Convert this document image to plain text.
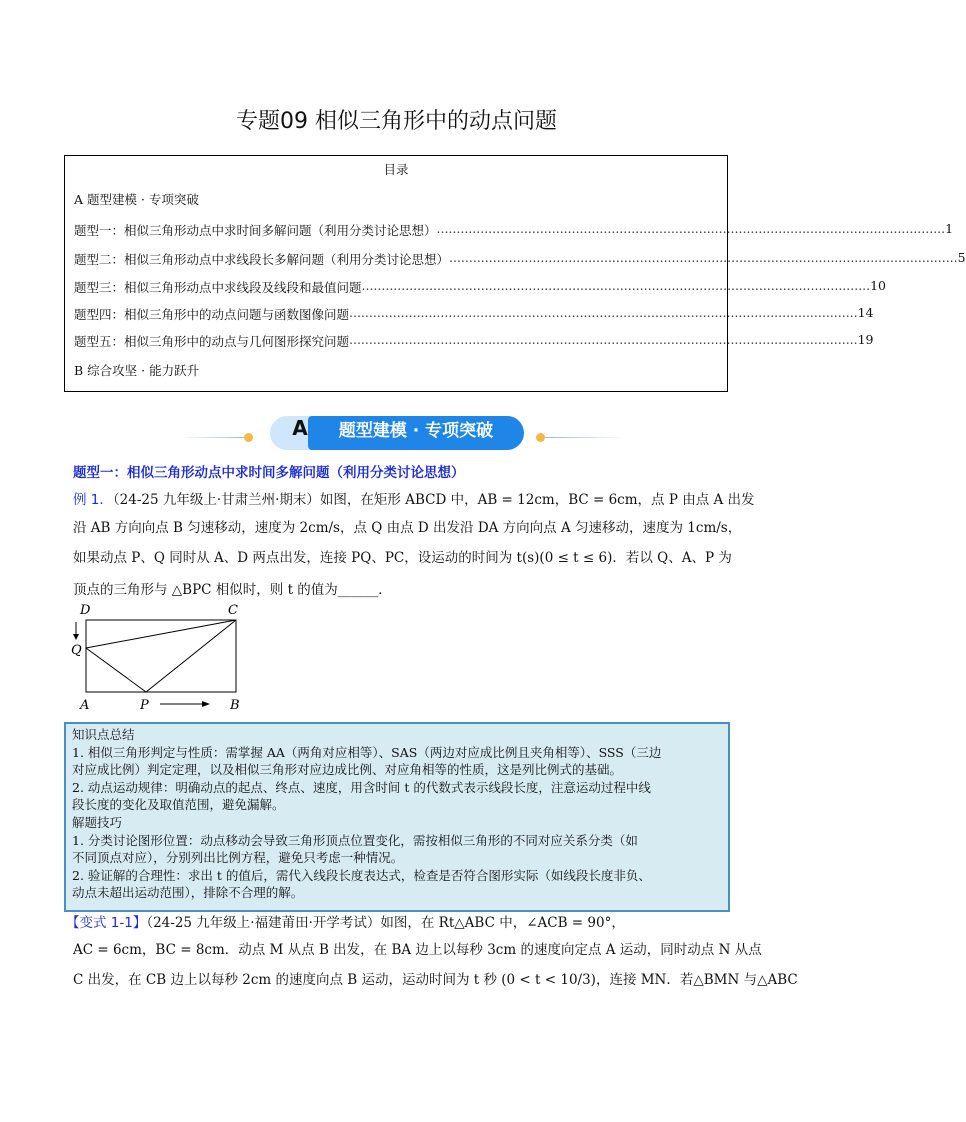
专题09 相似三角形中的动点问题
目录
A 题型建模 · 专项突破
题型一：相似三角形动点中求时间多解问题（利用分类讨论思想） ................................................................................................................................ 1
题型二：相似三角形动点中求线段长多解问题（利用分类讨论思想） ................................................................................................................................ 5
题型三：相似三角形动点中求线段及线段和最值问题 ................................................................................................................................ 10
题型四：相似三角形中的动点问题与函数图像问题 ................................................................................................................................ 14
题型五：相似三角形中的动点与几何图形探究问题 ................................................................................................................................ 19
B 综合攻坚 · 能力跃升
A	题型建模 · 专项突破
题型一：相似三角形动点中求时间多解问题（利用分类讨论思想）
例 1．（24-25 九年级上·甘肃兰州·期末）如图，在矩形 ABCD 中，AB = 12cm，BC = 6cm，点 P 由点 A 出发
沿 AB 方向向点 B 匀速移动，速度为 2cm/s，点 Q 由点 D 出发沿 DA 方向向点 A 匀速移动，速度为 1cm/s，
如果动点 P、Q 同时从 A、D 两点出发，连接 PQ、PC，设运动的时间为 t(s)(0 ≤ t ≤ 6)．若以 Q、A、P 为
顶点的三角形与 △BPC 相似时，则 t 的值为______．
D	C
Q
A	P	B
知识点总结
1. 相似三角形判定与性质：需掌握 AA（两角对应相等）、SAS（两边对应成比例且夹角相等）、SSS（三边
对应成比例）判定定理，以及相似三角形对应边成比例、对应角相等的性质，这是列比例式的基础。
2. 动点运动规律：明确动点的起点、终点、速度，用含时间 t 的代数式表示线段长度，注意运动过程中线
段长度的变化及取值范围，避免漏解。
解题技巧
1. 分类讨论图形位置：动点移动会导致三角形顶点位置变化，需按相似三角形的不同对应关系分类（如
不同顶点对应），分别列出比例方程，避免只考虑一种情况。
2. 验证解的合理性：求出 t 的值后，需代入线段长度表达式，检查是否符合图形实际（如线段长度非负、
动点未超出运动范围），排除不合理的解。
【变式 1-1】（24-25 九年级上·福建莆田·开学考试）如图，在 Rt△ABC 中，∠ACB = 90°，
AC = 6cm，BC = 8cm．动点 M 从点 B 出发，在 BA 边上以每秒 3cm 的速度向定点 A 运动，同时动点 N 从点
C 出发，在 CB 边上以每秒 2cm 的速度向点 B 运动，运动时间为 t 秒 (0 < t < 10/3)，连接 MN．若△BMN 与△ABC
